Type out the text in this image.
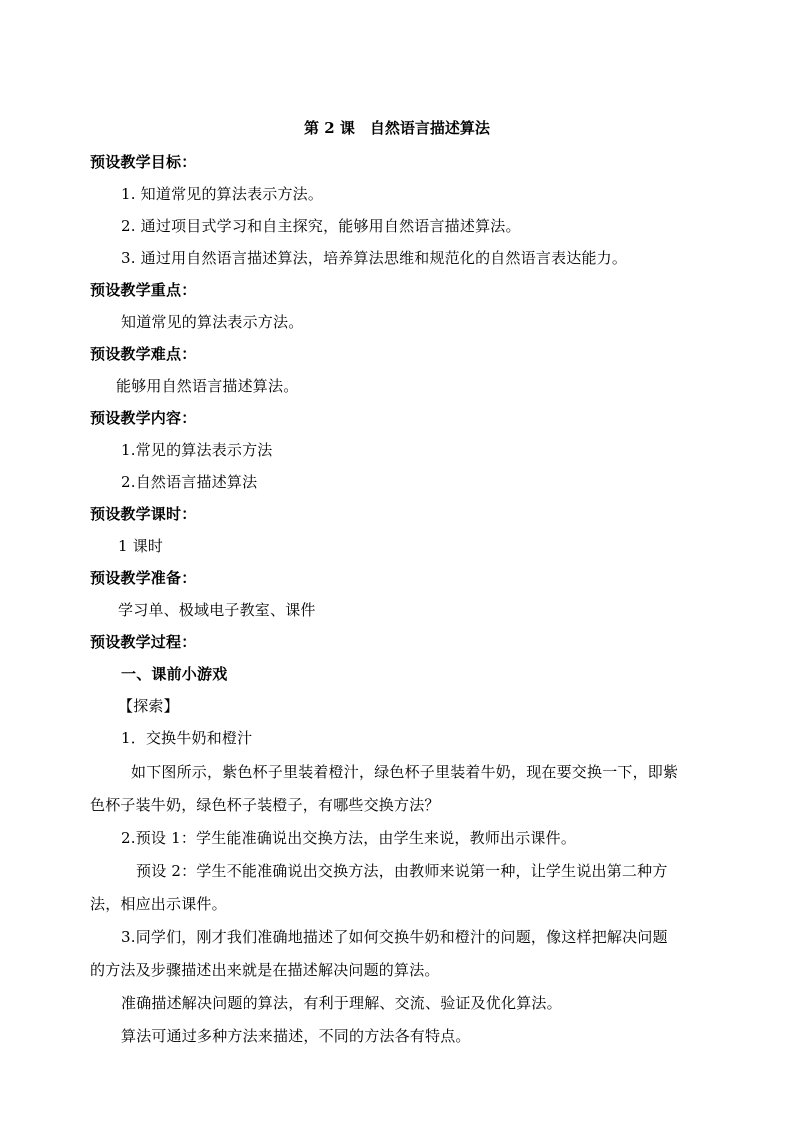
第 2 课　自然语言描述算法
预设教学目标：
1. 知道常见的算法表示方法。
2. 通过项目式学习和自主探究，能够用自然语言描述算法。
3. 通过用自然语言描述算法，培养算法思维和规范化的自然语言表达能力。
预设教学重点：
知道常见的算法表示方法。
预设教学难点：
能够用自然语言描述算法。
预设教学内容：
1.常见的算法表示方法
2.自然语言描述算法
预设教学课时：
1 课时
预设教学准备：
学习单、极域电子教室、课件
预设教学过程：
一、课前小游戏
【探索】
1．交换牛奶和橙汁
如下图所示，紫色杯子里装着橙汁，绿色杯子里装着牛奶，现在要交换一下，即紫
色杯子装牛奶，绿色杯子装橙子，有哪些交换方法？
2.预设 1：学生能准确说出交换方法，由学生来说，教师出示课件。
预设 2：学生不能准确说出交换方法，由教师来说第一种，让学生说出第二种方
法，相应出示课件。
3.同学们，刚才我们准确地描述了如何交换牛奶和橙汁的问题，像这样把解决问题
的方法及步骤描述出来就是在描述解决问题的算法。
准确描述解决问题的算法，有利于理解、交流、验证及优化算法。
算法可通过多种方法来描述，不同的方法各有特点。
